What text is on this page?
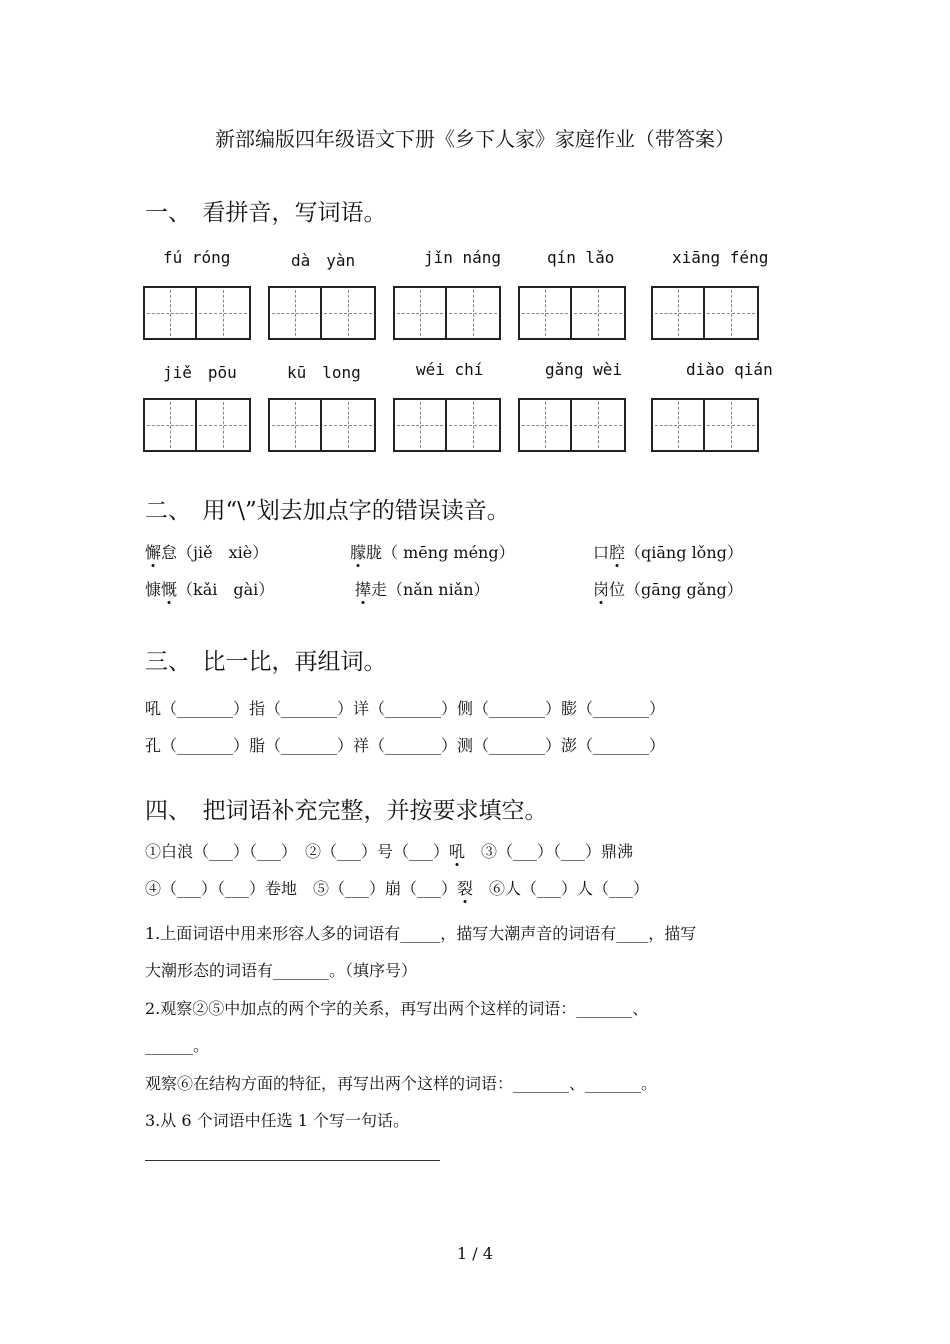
新部编版四年级语文下册《乡下人家》家庭作业（带答案）
一、　看拼音，写词语。
fú róng	dà　yàn	jǐn náng	qín lǎo	xiāng féng
jiě　pōu	kū　long	wéi chí	gǎng wèi	diào qián
二、　用“\”划去加点字的错误读音。
懈怠（jiě　xiè）	朦胧（ mēng méng）	口腔（qiāng lǒng）
慷慨（kǎi　gài）	撵走（nǎn niǎn）	岗位（gāng gǎng）
三、　比一比，再组词。
吼（_______）指（_______）详（_______）侧（_______）膨（_______）
孔（_______）脂（_______）祥（_______）测（_______）澎（_______）
四、　把词语补充完整，并按要求填空。
①白浪（___）（___）　②（___）号（___）吼　③（___）（___）鼎沸
④（___）（___）卷地　⑤（___）崩（___）裂　⑥人（___）人（___）
1.上面词语中用来形容人多的词语有_____，描写大潮声音的词语有____，描写
大潮形态的词语有_______。（填序号）
2.观察②⑤中加点的两个字的关系，再写出两个这样的词语：_______、
______。
观察⑥在结构方面的特征，再写出两个这样的词语：_______、_______。
3.从 6 个词语中任选 1 个写一句话。
1 / 4
